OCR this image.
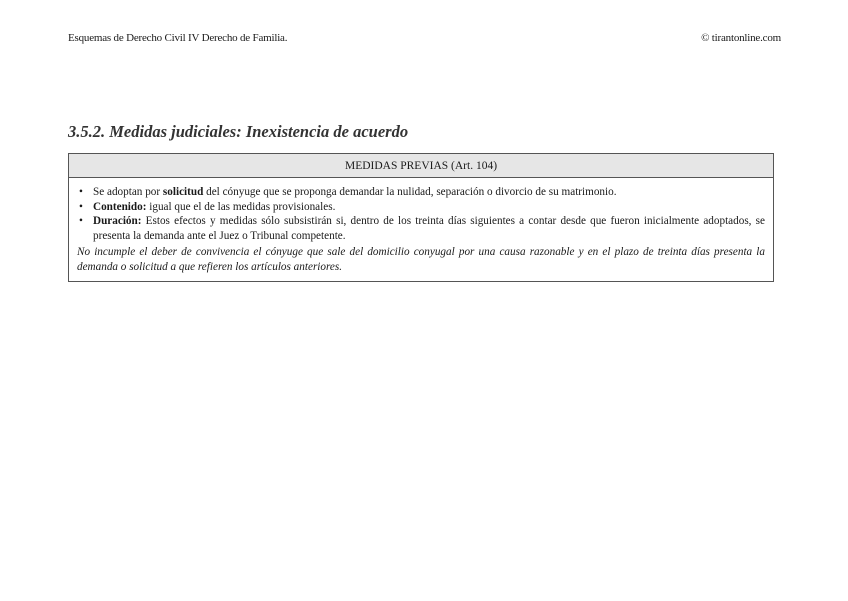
Esquemas de Derecho Civil IV Derecho de Familia.	© tirantonline.com
3.5.2. Medidas judiciales: Inexistencia de acuerdo
MEDIDAS PREVIAS (Art. 104)
• Se adoptan por solicitud del cónyuge que se proponga demandar la nulidad, separación o divorcio de su matrimonio.
• Contenido: igual que el de las medidas provisionales.
• Duración: Estos efectos y medidas sólo subsistirán si, dentro de los treinta días siguientes a contar desde que fueron inicialmente adoptados, se presenta la demanda ante el Juez o Tribunal competente.
No incumple el deber de convivencia el cónyuge que sale del domicilio conyugal por una causa razonable y en el plazo de treinta días presenta la demanda o solicitud a que refieren los artículos anteriores.
